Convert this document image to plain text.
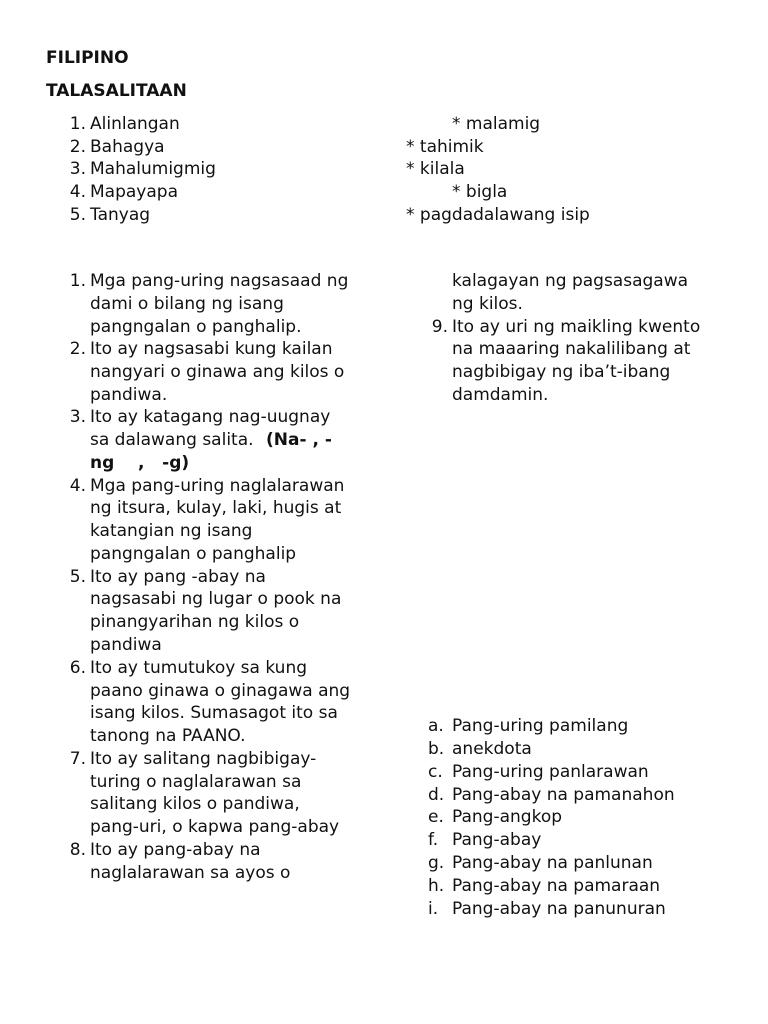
FILIPINO
TALASALITAAN
1. Alinlangan
2. Bahagya
3. Mahalumigmig
4. Mapayapa
5. Tanyag
* malamig
* tahimik
* kilala
* bigla
* pagdadalawang isip
1. Mga pang-uring nagsasaad ng
dami o bilang ng isang
pangngalan o panghalip.
2. Ito ay nagsasabi kung kailan
nangyari o ginawa ang kilos o
pandiwa.
3. Ito ay katagang nag-uugnay
sa dalawang salita. (Na- , -
ng    ,   -g)
4. Mga pang-uring naglalarawan
ng itsura, kulay, laki, hugis at
katangian ng isang
pangngalan o panghalip
5. Ito ay pang -abay na
nagsasabi ng lugar o pook na
pinangyarihan ng kilos o
pandiwa
6. Ito ay tumutukoy sa kung
paano ginawa o ginagawa ang
isang kilos. Sumasagot ito sa
tanong na PAANO.
7. Ito ay salitang nagbibigay-
turing o naglalarawan sa
salitang kilos o pandiwa,
pang-uri, o kapwa pang-abay
8. Ito ay pang-abay na
naglalarawan sa ayos o
kalagayan ng pagsasagawa
ng kilos.
9. Ito ay uri ng maikling kwento
na maaaring nakalilibang at
nagbibigay ng iba’t-ibang
damdamin.
a. Pang-uring pamilang
b. anekdota
c. Pang-uring panlarawan
d. Pang-abay na pamanahon
e. Pang-angkop
f. Pang-abay
g. Pang-abay na panlunan
h. Pang-abay na pamaraan
i. Pang-abay na panunuran
